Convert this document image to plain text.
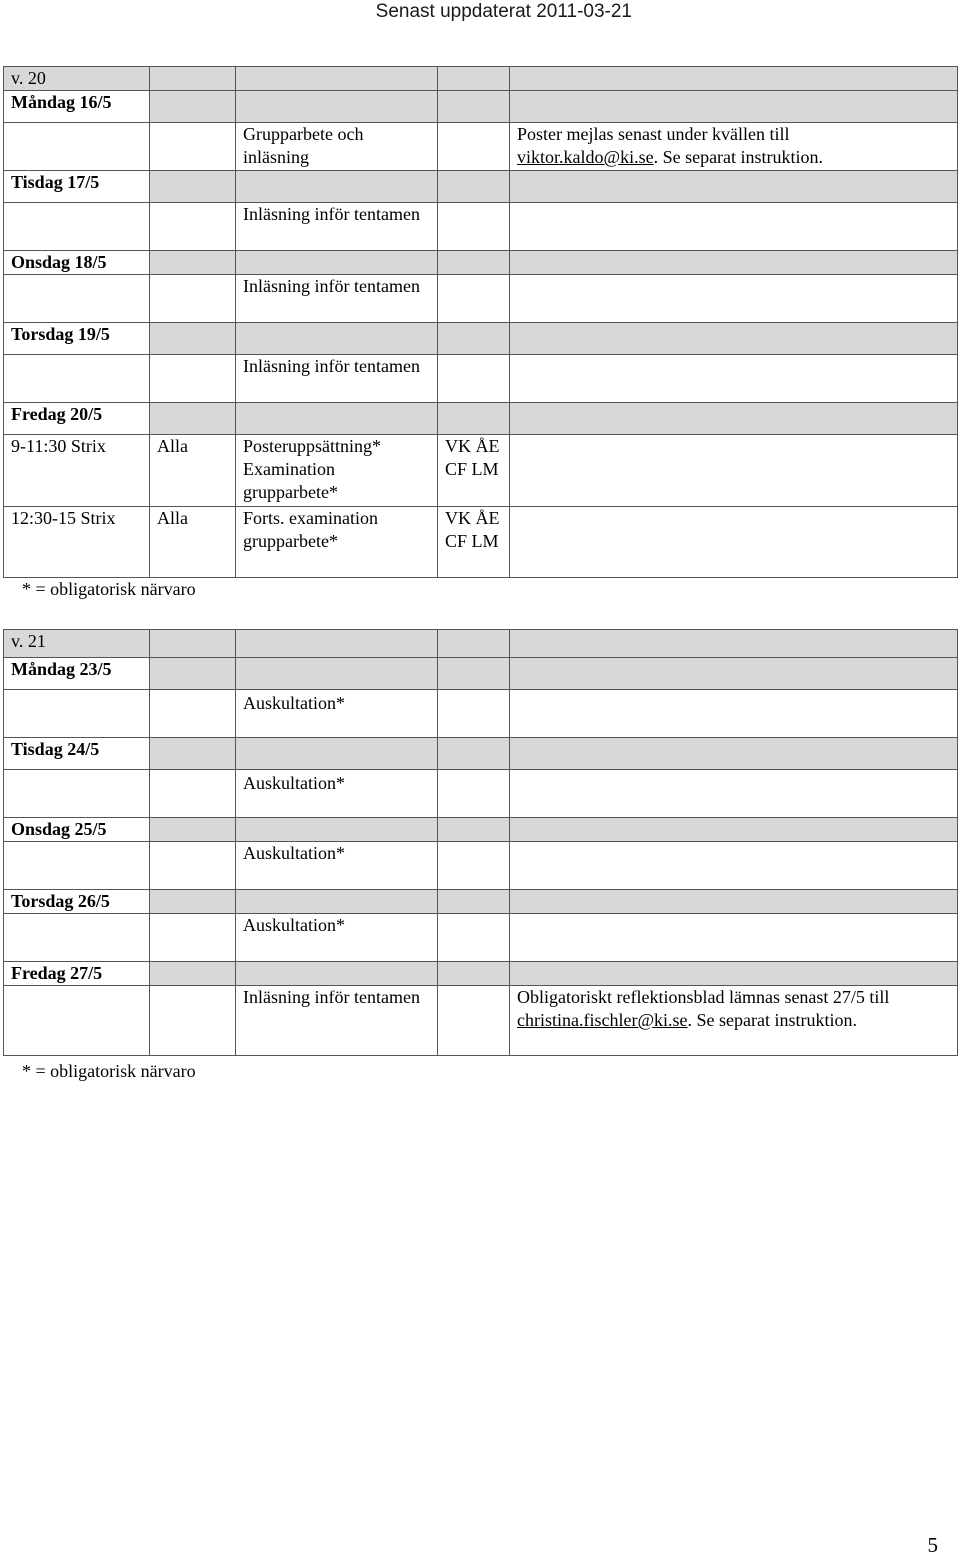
Senast uppdaterat 2011-03-21
v. 20				
Måndag 16/5				
		Grupparbete och inläsning		Poster mejlas senast under kvällen till
viktor.kaldo@ki.se. Se separat instruktion.
Tisdag 17/5				
		Inläsning inför tentamen		
Onsdag 18/5				
		Inläsning inför tentamen		
Torsdag 19/5				
		Inläsning inför tentamen		
Fredag 20/5				
9-11:30 Strix	Alla	Posteruppsättning* Examination grupparbete*	VK ÅE CF LM	
12:30-15 Strix	Alla	Forts. examination grupparbete*	VK ÅE CF LM	
* = obligatorisk närvaro
v. 21				
Måndag 23/5				
		Auskultation*		
Tisdag 24/5				
		Auskultation*		
Onsdag 25/5				
		Auskultation*		
Torsdag 26/5				
		Auskultation*		
Fredag 27/5				
		Inläsning inför tentamen		Obligatoriskt reflektionsblad lämnas senast 27/5 till
christina.fischler@ki.se. Se separat instruktion.
* = obligatorisk närvaro
5
